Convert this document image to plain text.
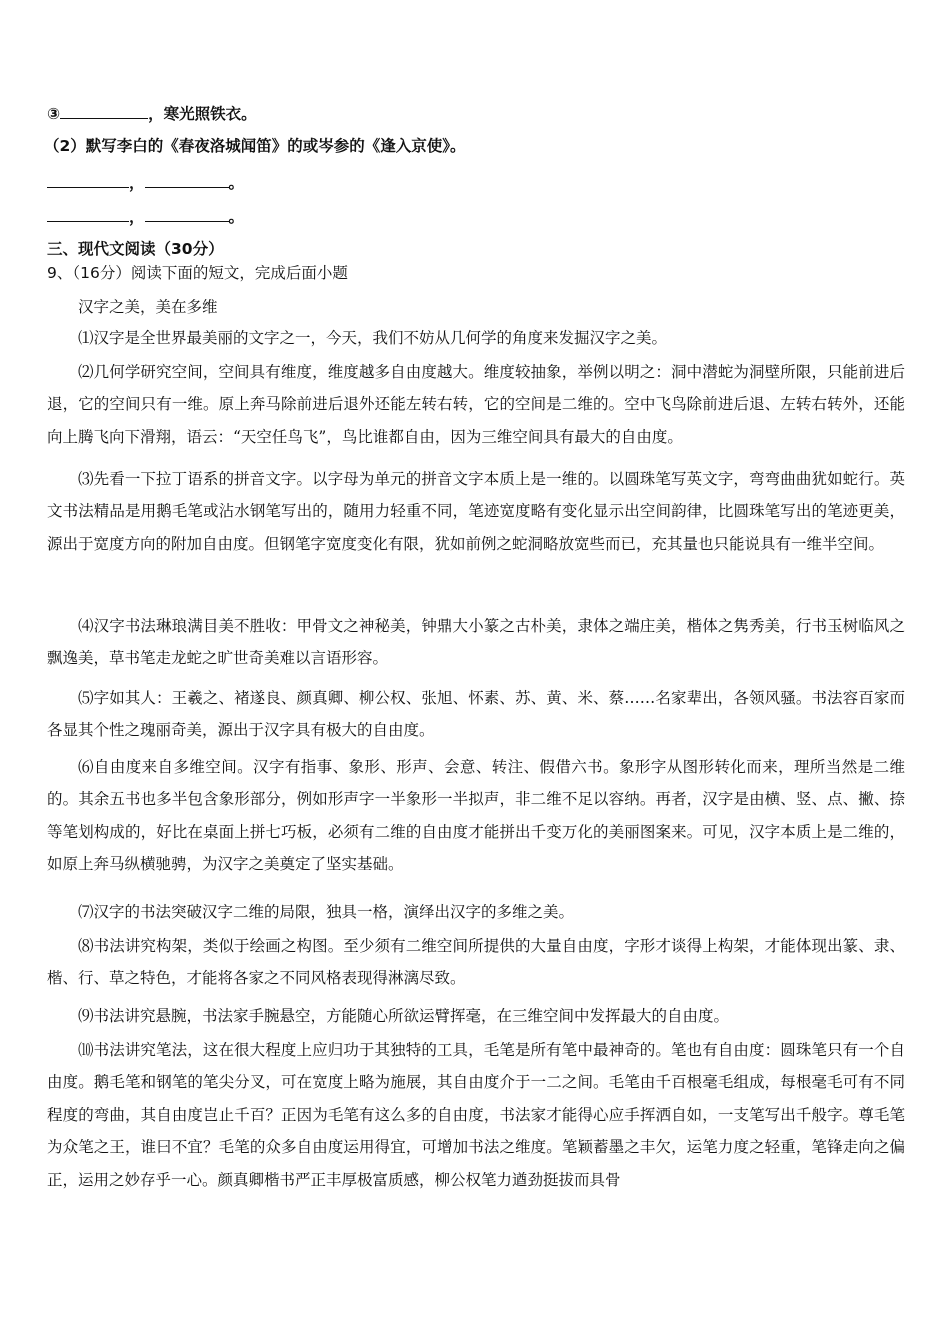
③	，寒光照铁衣。
（2）默写李白的《春夜洛城闻笛》的或岑参的《逢入京使》。
，	。
，	。
三、现代文阅读（30分）
9、（16分）阅读下面的短文，完成后面小题
汉字之美，美在多维

⑴汉字是全世界最美丽的文字之一，今天，我们不妨从几何学的角度来发掘汉字之美。

⑵几何学研究空间，空间具有维度，维度越多自由度越大。维度较抽象，举例以明之：洞中潜蛇为洞壁所限，只能前进后退，它的空间只有一维。原上奔马除前进后退外还能左转右转，它的空间是二维的。空中飞鸟除前进后退、左转右转外，还能向上腾飞向下滑翔，语云：“天空任鸟飞”，鸟比谁都自由，因为三维空间具有最大的自由度。

⑶先看一下拉丁语系的拼音文字。以字母为单元的拼音文字本质上是一维的。以圆珠笔写英文字，弯弯曲曲犹如蛇行。英文书法精品是用鹅毛笔或沾水钢笔写出的，随用力轻重不同，笔迹宽度略有变化显示出空间韵律，比圆珠笔写出的笔迹更美，源出于宽度方向的附加自由度。但钢笔字宽度变化有限，犹如前例之蛇洞略放宽些而已，充其量也只能说具有一维半空间。

⑷汉字书法琳琅满目美不胜收：甲骨文之神秘美，钟鼎大小篆之古朴美，隶体之端庄美，楷体之隽秀美，行书玉树临风之飘逸美，草书笔走龙蛇之旷世奇美难以言语形容。

⑸字如其人：王羲之、褚遂良、颜真卿、柳公权、张旭、怀素、苏、黄、米、蔡……名家辈出，各领风骚。书法容百家而各显其个性之瑰丽奇美，源出于汉字具有极大的自由度。

⑹自由度来自多维空间。汉字有指事、象形、形声、会意、转注、假借六书。象形字从图形转化而来，理所当然是二维的。其余五书也多半包含象形部分，例如形声字一半象形一半拟声，非二维不足以容纳。再者，汉字是由横、竖、点、撇、捺等笔划构成的，好比在桌面上拼七巧板，必须有二维的自由度才能拼出千变万化的美丽图案来。可见，汉字本质上是二维的，如原上奔马纵横驰骋，为汉字之美奠定了坚实基础。

⑺汉字的书法突破汉字二维的局限，独具一格，演绎出汉字的多维之美。

⑻书法讲究构架，类似于绘画之构图。至少须有二维空间所提供的大量自由度，字形才谈得上构架，才能体现出篆、隶、楷、行、草之特色，才能将各家之不同风格表现得淋漓尽致。

⑼书法讲究悬腕，书法家手腕悬空，方能随心所欲运臂挥毫，在三维空间中发挥最大的自由度。

⑽书法讲究笔法，这在很大程度上应归功于其独特的工具，毛笔是所有笔中最神奇的。笔也有自由度：圆珠笔只有一个自由度。鹅毛笔和钢笔的笔尖分叉，可在宽度上略为施展，其自由度介于一二之间。毛笔由千百根毫毛组成，每根毫毛可有不同程度的弯曲，其自由度岂止千百？正因为毛笔有这么多的自由度，书法家才能得心应手挥洒自如，一支笔写出千般字。尊毛笔为众笔之王，谁曰不宜？毛笔的众多自由度运用得宜，可增加书法之维度。笔颖蓄墨之丰欠，运笔力度之轻重，笔锋走向之偏正，运用之妙存乎一心。颜真卿楷书严正丰厚极富质感，柳公权笔力遒劲挺拔而具骨
